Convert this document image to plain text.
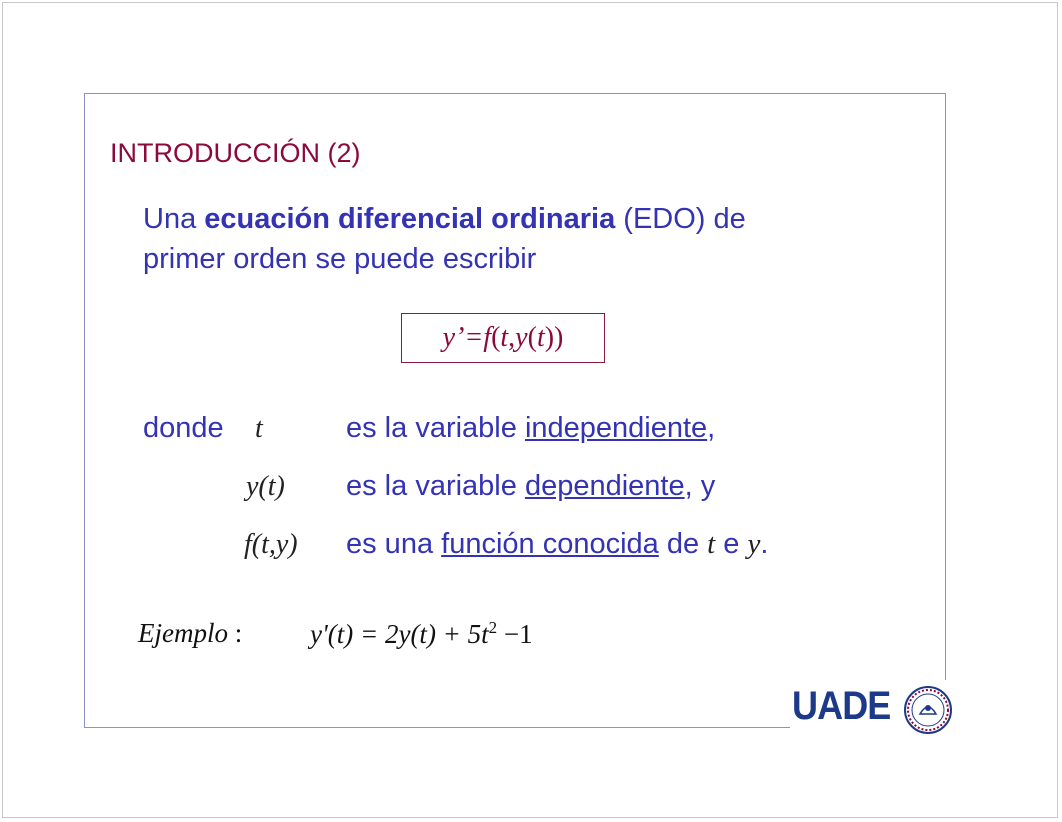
INTRODUCCIÓN (2)
Una ecuación diferencial ordinaria (EDO) de
primer orden se puede escribir
y’=f(t,y(t))
donde t	es la variable independiente,
y(t) es la variable dependiente, y
f(t,y) es una función conocida de t e y.
Ejemplo :	$y'(t) = 2y(t) + 5t^2 -1$
UADE
